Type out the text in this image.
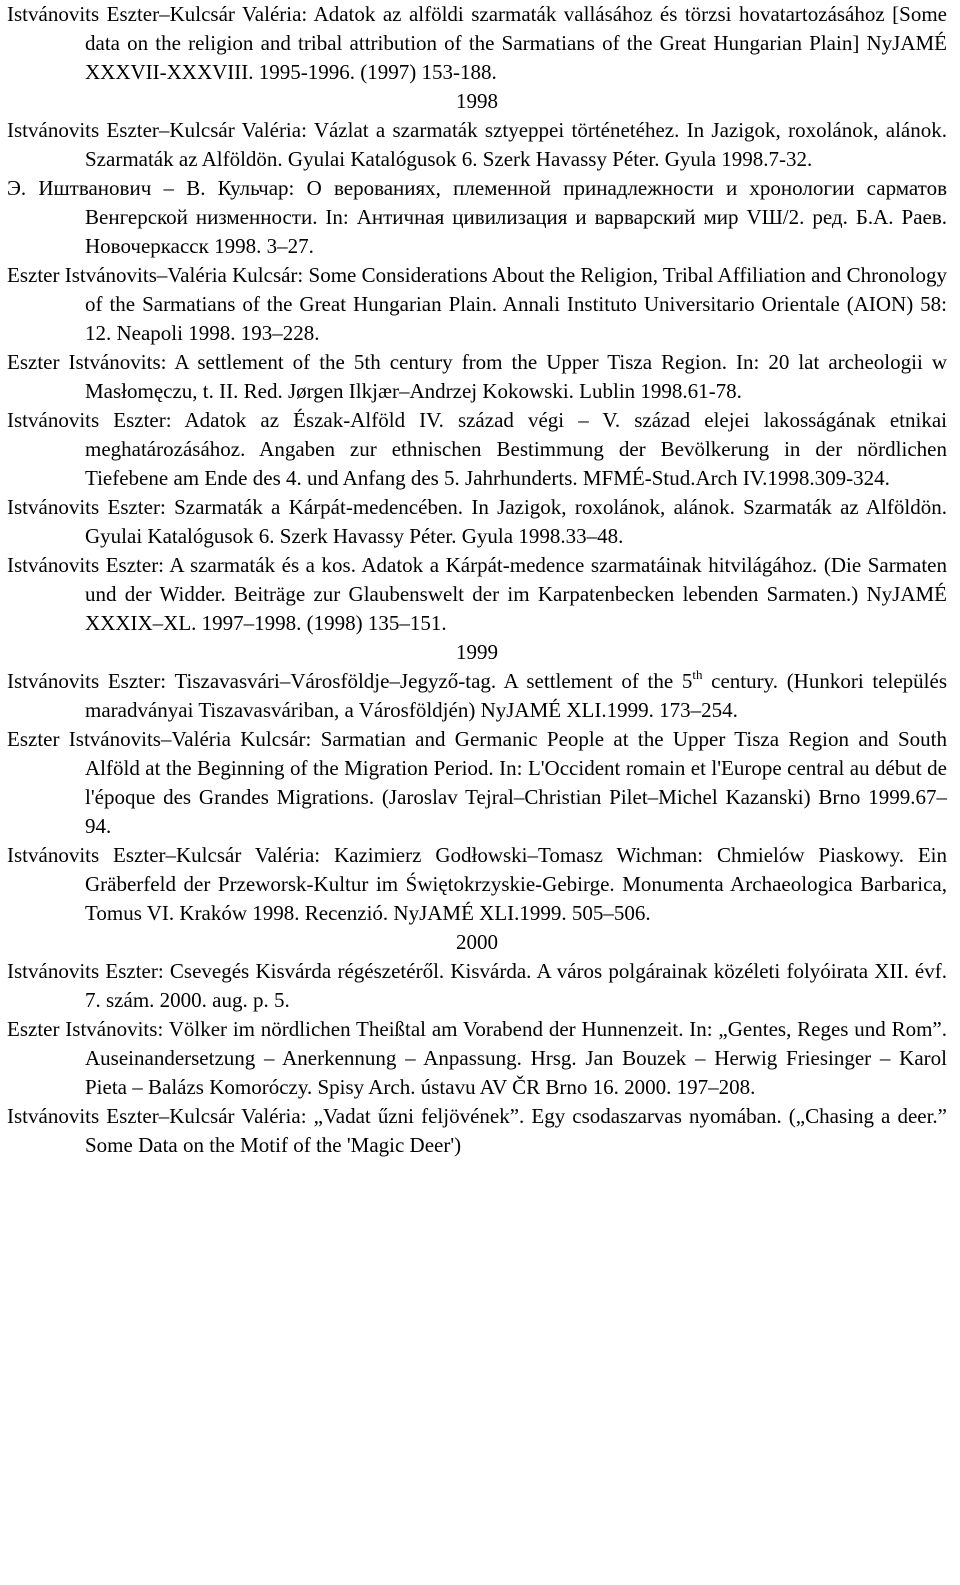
Istvánovits Eszter–Kulcsár Valéria: Adatok az alföldi szarmaták vallásához és törzsi hovatartozásához [Some data on the religion and tribal attribution of the Sarmatians of the Great Hungarian Plain] NyJAMÉ XXXVII-XXXVIII. 1995-1996. (1997) 153-188.

1998

Istvánovits Eszter–Kulcsár Valéria: Vázlat a szarmaták sztyeppei történetéhez. In Jazigok, roxolánok, alánok. Szarmaták az Alföldön. Gyulai Katalógusok 6. Szerk Havassy Péter. Gyula 1998.7-32.

Э. Иштванович – В. Кульчар: О верованиях, племенной принадлежности и хронологии сарматов Венгерской низменности. In: Античная цивилизация и варварский мир VШ/2. ред. Б.А. Раев. Новочеркасск 1998. 3–27.

Eszter Istvánovits–Valéria Kulcsár: Some Considerations About the Religion, Tribal Affiliation and Chronology of the Sarmatians of the Great Hungarian Plain. Annali Instituto Universitario Orientale (AION) 58: 12. Neapoli 1998. 193–228.

Eszter Istvánovits: A settlement of the 5th century from the Upper Tisza Region. In: 20 lat archeologii w Masłomęczu, t. II. Red. Jørgen Ilkjær–Andrzej Kokowski. Lublin 1998.61-78.

Istvánovits Eszter: Adatok az Észak-Alföld IV. század végi – V. század elejei lakosságának etnikai meghatározásához. Angaben zur ethnischen Bestimmung der Bevölkerung in der nördlichen Tiefebene am Ende des 4. und Anfang des 5. Jahrhunderts. MFMÉ-Stud.Arch IV.1998.309-324.

Istvánovits Eszter: Szarmaták a Kárpát-medencében. In Jazigok, roxolánok, alánok. Szarmaták az Alföldön. Gyulai Katalógusok 6. Szerk Havassy Péter. Gyula 1998.33–48.

Istvánovits Eszter: A szarmaták és a kos. Adatok a Kárpát-medence szarmatáinak hitvilágához. (Die Sarmaten und der Widder. Beiträge zur Glaubenswelt der im Karpatenbecken lebenden Sarmaten.) NyJAMÉ XXXIX–XL. 1997–1998. (1998) 135–151.

1999

Istvánovits Eszter: Tiszavasvári–Városföldje–Jegyző-tag. A settlement of the 5th century. (Hunkori település maradványai Tiszavasváriban, a Városföldjén) NyJAMÉ XLI.1999. 173–254.

Eszter Istvánovits–Valéria Kulcsár: Sarmatian and Germanic People at the Upper Tisza Region and South Alföld at the Beginning of the Migration Period. In: L'Occident romain et l'Europe central au début de l'époque des Grandes Migrations. (Jaroslav Tejral–Christian Pilet–Michel Kazanski) Brno 1999.67–94.

Istvánovits Eszter–Kulcsár Valéria: Kazimierz Godłowski–Tomasz Wichman: Chmielów Piaskowy. Ein Gräberfeld der Przeworsk-Kultur im Świętokrzyskie-Gebirge. Monumenta Archaeologica Barbarica, Tomus VI. Kraków 1998. Recenzió. NyJAMÉ XLI.1999. 505–506.

2000

Istvánovits Eszter: Csevegés Kisvárda régészetéről. Kisvárda. A város polgárainak közéleti folyóirata XII. évf. 7. szám. 2000. aug. p. 5.

Eszter Istvánovits: Völker im nördlichen Theißtal am Vorabend der Hunnenzeit. In: „Gentes, Reges und Rom”. Auseinandersetzung – Anerkennung – Anpassung. Hrsg. Jan Bouzek – Herwig Friesinger – Karol Pieta – Balázs Komoróczy. Spisy Arch. ústavu AV ČR Brno 16. 2000. 197–208.

Istvánovits Eszter–Kulcsár Valéria: „Vadat űzni feljövének”. Egy csodaszarvas nyomában. („Chasing a deer.” Some Data on the Motif of the 'Magic Deer')
